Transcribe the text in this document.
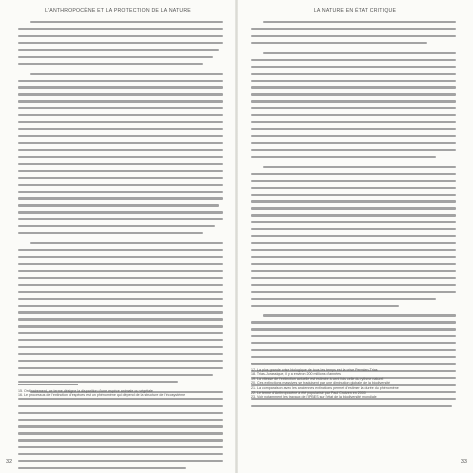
L'ANTHROPOCÈNE ET LA PROTECTION DE LA NATURE
15. Ordinairement, ce terme désigne la disparition d'une espèce animale ou végétale
16. Le processus de l'extinction d'espèces est un phénomène qui dépend de la structure de l'écosystème
32
LA NATURE EN ÉTAT CRITIQUE
17. La plus grande crise biologique de tous les temps est la crise Permien-Trias
18. Trias-Jurassique, il y a environ 200 millions d'années
19. La vitesse de l'extinction actuelle est estimée à cent fois celle du rythme naturel
20. Ces extinctions massives se traduisent par une diminution globale de la biodiversité
21. La comparaison avec les anciennes extinctions permet d'estimer la durée du phénomène
22. Le terme d'Anthropocène a été popularisé par Paul Crutzen en 2000
23. Voir notamment les travaux de l'IPBES sur l'état de la biodiversité mondiale
33
